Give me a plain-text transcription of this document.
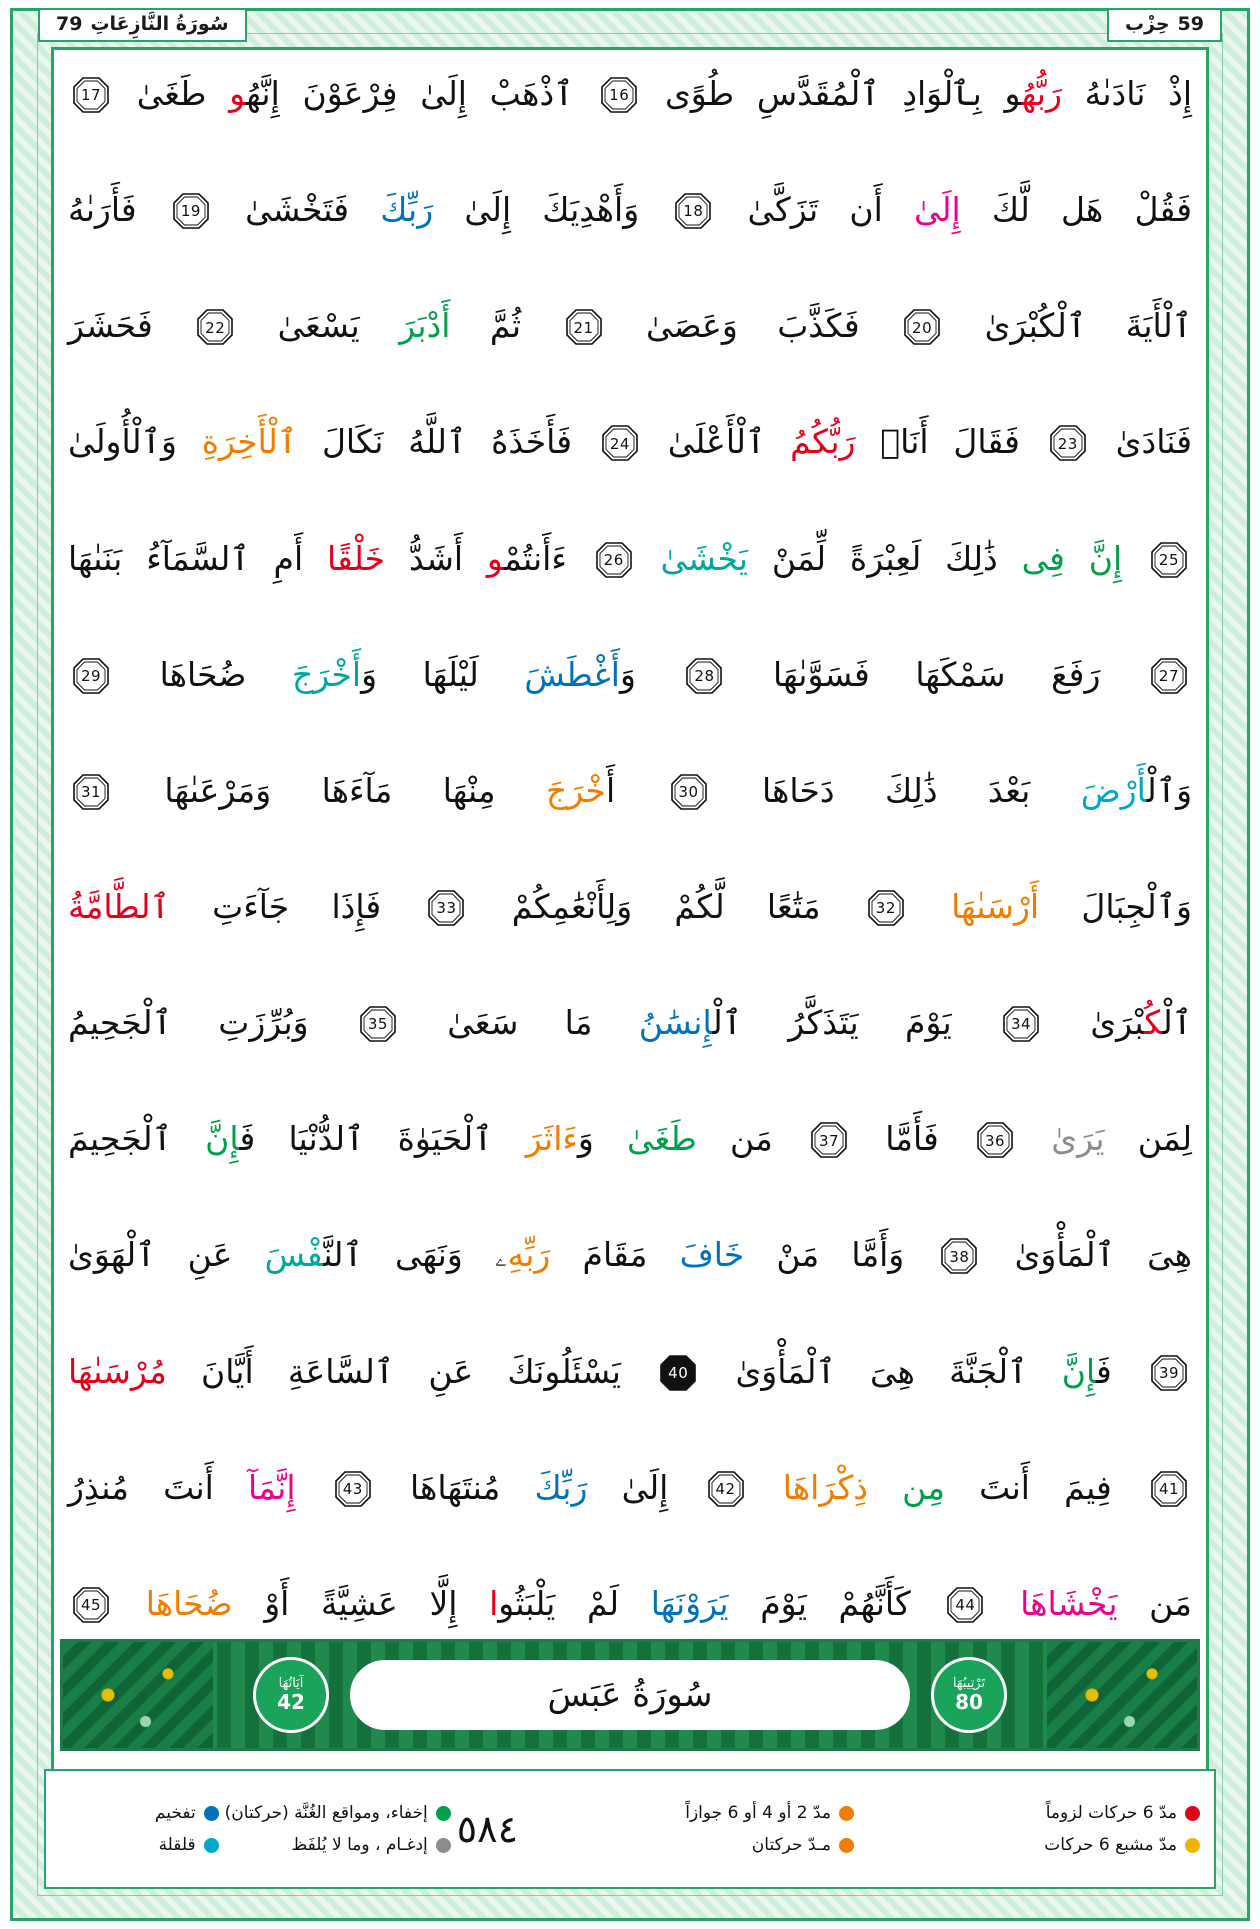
سُورَةُ النَّازِعَاتِ
79	59
حِزْب
إِذْ نَادَىٰهُ رَبُّهُو بِٱلْوَادِ ٱلْمُقَدَّسِ طُوًى
16
ٱذْهَبْ إِلَىٰ فِرْعَوْنَ إِنَّهُو طَغَىٰ
17
فَقُلْ هَل لَّكَ إِلَىٰ أَن تَزَكَّىٰ
18
وَأَهْدِيَكَ إِلَىٰ رَبِّكَ فَتَخْشَىٰ
19
فَأَرَىٰهُ
ٱلْأَيَةَ ٱلْكُبْرَىٰ
20
فَكَذَّبَ وَعَصَىٰ
21
ثُمَّ أَدْبَرَ يَسْعَىٰ
22
فَحَشَرَ
فَنَادَىٰ
23
فَقَالَ أَنَا۠ رَبُّكُمُ ٱلْأَعْلَىٰ
24
فَأَخَذَهُ ٱللَّهُ نَكَالَ ٱلْأَخِرَةِ وَٱلْأُولَىٰ
25
إِنَّ فِى ذَٰلِكَ لَعِبْرَةً لِّمَنْ يَخْشَىٰ
26
ءَأَنتُمْو أَشَدُّ خَلْقًا أَمِ ٱلسَّمَآءُ بَنَىٰهَا
27
رَفَعَ سَمْكَهَا فَسَوَّىٰهَا
28
وَأَغْطَشَ لَيْلَهَا وَأَخْرَجَ ضُحَاهَا
29
وَٱلْأَرْضَ بَعْدَ ذَٰلِكَ دَحَاهَا
30
أَخْرَجَ مِنْهَا مَآءَهَا وَمَرْعَىٰهَا
31
وَٱلْجِبَالَ أَرْسَىٰهَا
32
مَتَٰعًا لَّكُمْ وَلِأَنْعَٰمِكُمْ
33
فَإِذَا جَآءَتِ ٱلطَّامَّةُ
ٱلْكُبْرَىٰ
34
يَوْمَ يَتَذَكَّرُ ٱلْإِنسَٰنُ مَا سَعَىٰ
35
وَبُرِّزَتِ ٱلْجَحِيمُ
لِمَن يَرَىٰ
36
فَأَمَّا
37
مَن طَغَىٰ وَءَاثَرَ ٱلْحَيَوٰةَ ٱلدُّنْيَا فَإِنَّ ٱلْجَحِيمَ
هِىَ ٱلْمَأْوَىٰ
38
وَأَمَّا مَنْ خَافَ مَقَامَ رَبِّهِۦ وَنَهَى ٱلنَّفْسَ عَنِ ٱلْهَوَىٰ
39
فَإِنَّ ٱلْجَنَّةَ هِىَ ٱلْمَأْوَىٰ
40
يَسْئَلُونَكَ عَنِ ٱلسَّاعَةِ أَيَّانَ مُرْسَىٰهَا
41
فِيمَ أَنتَ مِن ذِكْرَاهَا
42
إِلَىٰ رَبِّكَ مُنتَهَاهَا
43
إِنَّمَآ أَنتَ مُنذِرُ
مَن يَخْشَاهَا
44
كَأَنَّهُمْ يَوْمَ يَرَوْنَهَا لَمْ يَلْبَثُوا إِلَّا عَشِيَّةً أَوْ ضُحَاهَا
45
تَرْتِيبُهَا
80
سُورَةُ عَبَسَ
آيَاتُهَا
42
مدّ 6 حركات لزوماً
مدّ مشبع 6 حركات
مدّ 2 أو 4 أو 6 جوازاً
مـدّ حركتان
٥٨٤
إخفاء، ومواقع الغُنَّة (حركتان)
إدغـام ، وما لا يُلفَظ
تفخيم
قلقلة
